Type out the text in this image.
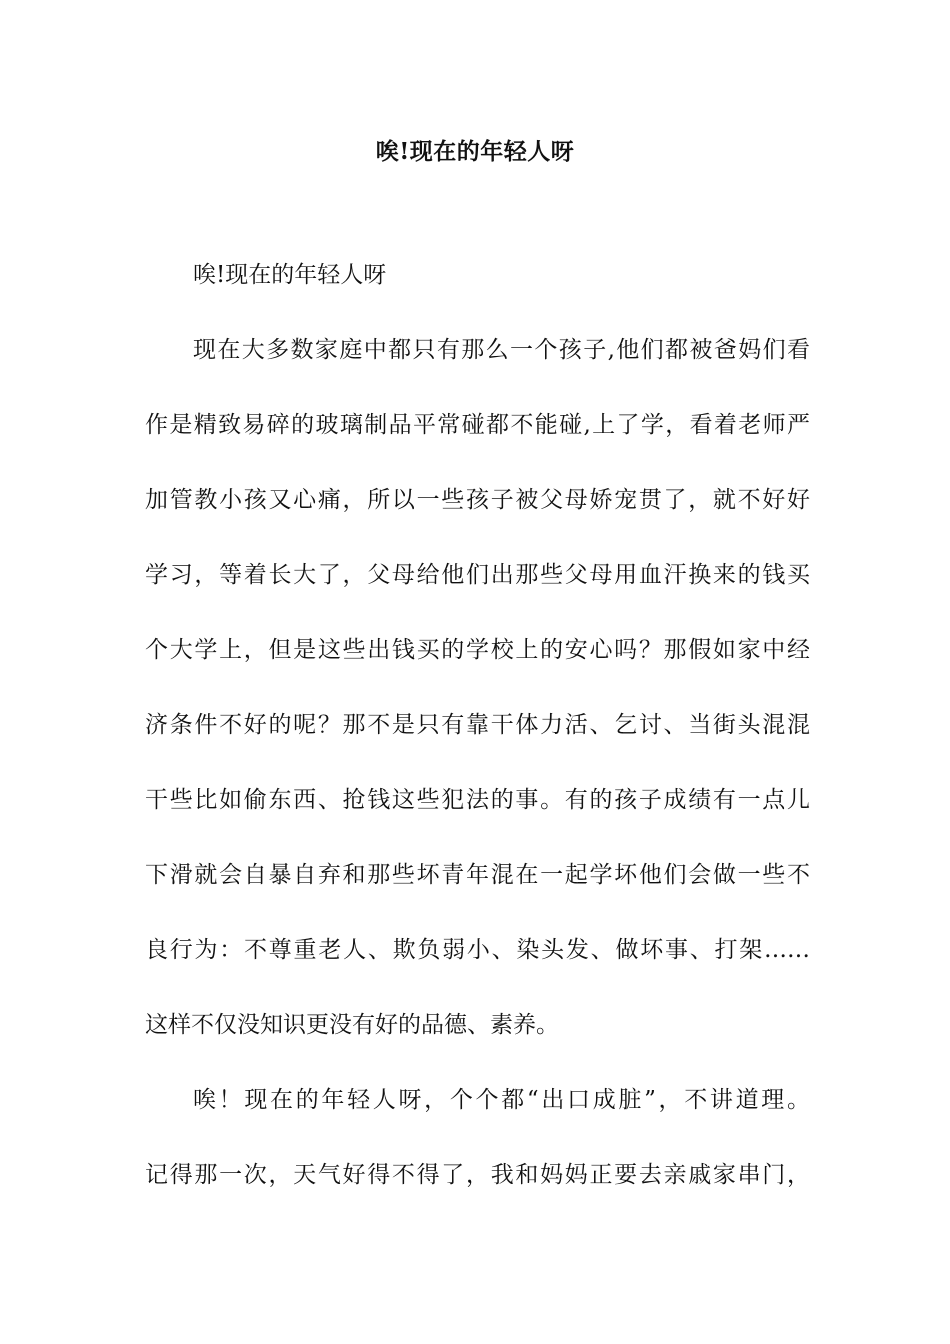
唉!现在的年轻人呀
唉!现在的年轻人呀
现在大多数家庭中都只有那么一个孩子,他们都被爸妈们看
作是精致易碎的玻璃制品平常碰都不能碰,上了学，看着老师严
加管教小孩又心痛，所以一些孩子被父母娇宠贯了，就不好好
学习，等着长大了，父母给他们出那些父母用血汗换来的钱买
个大学上，但是这些出钱买的学校上的安心吗？那假如家中经
济条件不好的呢？那不是只有靠干体力活、乞讨、当街头混混
干些比如偷东西、抢钱这些犯法的事。有的孩子成绩有一点儿
下滑就会自暴自弃和那些坏青年混在一起学坏他们会做一些不
良行为：不尊重老人、欺负弱小、染头发、做坏事、打架……
这样不仅没知识更没有好的品德、素养。
唉！现在的年轻人呀，个个都“出口成脏”，不讲道理。
记得那一次，天气好得不得了，我和妈妈正要去亲戚家串门，
